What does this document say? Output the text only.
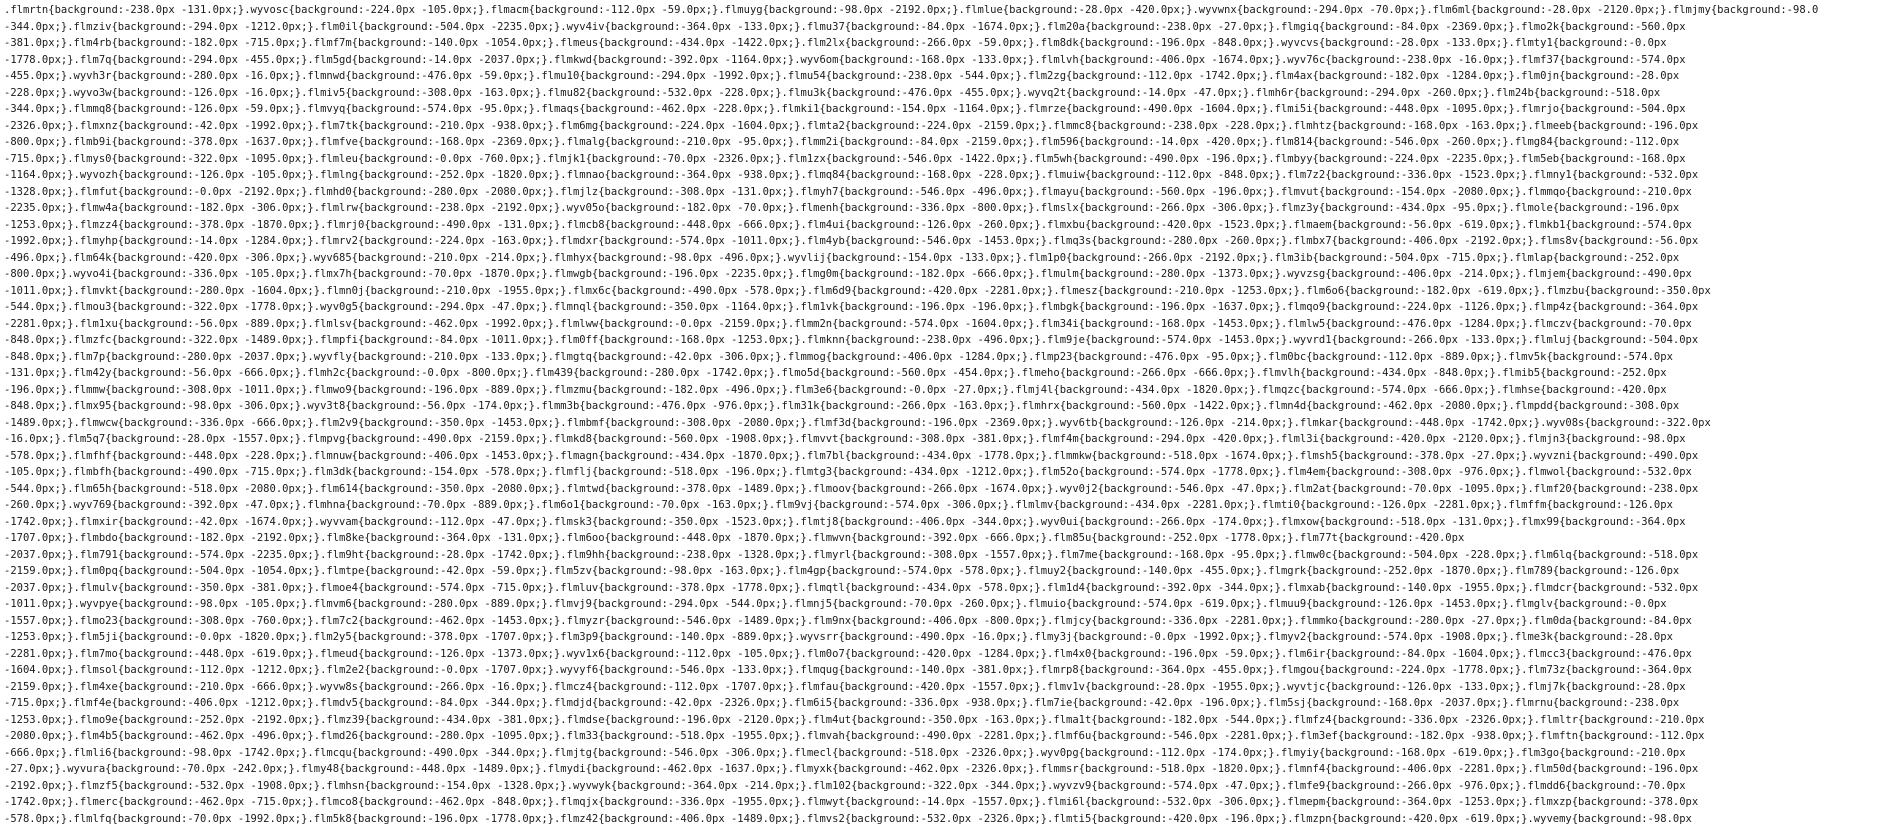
.flmrtn{background:-238.0px -131.0px;}.wyvosc{background:-224.0px -105.0px;}.flmacm{background:-112.0px -59.0px;}.flmuyg{background:-98.0px -2192.0px;}.flmlue{background:-28.0px -420.0px;}.wyvwnx{background:-294.0px -70.0px;}.flm6ml{background:-28.0px -2120.0px;}.flmjmy{background:-98.0
-344.0px;}.flmziv{background:-294.0px -1212.0px;}.flm0il{background:-504.0px -2235.0px;}.wyv4iv{background:-364.0px -133.0px;}.flmu37{background:-84.0px -1674.0px;}.flm20a{background:-238.0px -27.0px;}.flmgiq{background:-84.0px -2369.0px;}.flmo2k{background:-560.0px
-381.0px;}.flm4rb{background:-182.0px -715.0px;}.flmf7m{background:-140.0px -1054.0px;}.flmeus{background:-434.0px -1422.0px;}.flm2lx{background:-266.0px -59.0px;}.flm8dk{background:-196.0px -848.0px;}.wyvcvs{background:-28.0px -133.0px;}.flmty1{background:-0.0px
-1778.0px;}.flm7q{background:-294.0px -455.0px;}.flm5gd{background:-14.0px -2037.0px;}.flmkwd{background:-392.0px -1164.0px;}.wyv6om{background:-168.0px -133.0px;}.flmlvh{background:-406.0px -1674.0px;}.wyv76c{background:-238.0px -16.0px;}.flmf37{background:-574.0px
-455.0px;}.wyvh3r{background:-280.0px -16.0px;}.flmnwd{background:-476.0px -59.0px;}.flmu10{background:-294.0px -1992.0px;}.flmu54{background:-238.0px -544.0px;}.flm2zg{background:-112.0px -1742.0px;}.flm4ax{background:-182.0px -1284.0px;}.flm0jn{background:-28.0px
-228.0px;}.wyvo3w{background:-126.0px -16.0px;}.flmiv5{background:-308.0px -163.0px;}.flmu82{background:-532.0px -228.0px;}.flmu3k{background:-476.0px -455.0px;}.wyvq2t{background:-14.0px -47.0px;}.flmh6r{background:-294.0px -260.0px;}.flm24b{background:-518.0px
-344.0px;}.flmmq8{background:-126.0px -59.0px;}.flmvyq{background:-574.0px -95.0px;}.flmaqs{background:-462.0px -228.0px;}.flmki1{background:-154.0px -1164.0px;}.flmrze{background:-490.0px -1604.0px;}.flmi5i{background:-448.0px -1095.0px;}.flmrjo{background:-504.0px
-2326.0px;}.flmxnz{background:-42.0px -1992.0px;}.flm7tk{background:-210.0px -938.0px;}.flm6mg{background:-224.0px -1604.0px;}.flmta2{background:-224.0px -2159.0px;}.flmmc8{background:-238.0px -228.0px;}.flmhtz{background:-168.0px -163.0px;}.flmeeb{background:-196.0px
-800.0px;}.flmb9i{background:-378.0px -1637.0px;}.flmfve{background:-168.0px -2369.0px;}.flmalg{background:-210.0px -95.0px;}.flmm2i{background:-84.0px -2159.0px;}.flm596{background:-14.0px -420.0px;}.flm814{background:-546.0px -260.0px;}.flmg84{background:-112.0px
-715.0px;}.flmys0{background:-322.0px -1095.0px;}.flmleu{background:-0.0px -760.0px;}.flmjk1{background:-70.0px -2326.0px;}.flm1zx{background:-546.0px -1422.0px;}.flm5wh{background:-490.0px -196.0px;}.flmbyy{background:-224.0px -2235.0px;}.flm5eb{background:-168.0px
-1164.0px;}.wyvozh{background:-126.0px -105.0px;}.flmlng{background:-252.0px -1820.0px;}.flmnao{background:-364.0px -938.0px;}.flmq84{background:-168.0px -228.0px;}.flmuiw{background:-112.0px -848.0px;}.flm7z2{background:-336.0px -1523.0px;}.flmny1{background:-532.0px
-1328.0px;}.flmfut{background:-0.0px -2192.0px;}.flmhd0{background:-280.0px -2080.0px;}.flmjlz{background:-308.0px -131.0px;}.flmyh7{background:-546.0px -496.0px;}.flmayu{background:-560.0px -196.0px;}.flmvut{background:-154.0px -2080.0px;}.flmmqo{background:-210.0px
-2235.0px;}.flmw4a{background:-182.0px -306.0px;}.flmlrw{background:-238.0px -2192.0px;}.wyv05o{background:-182.0px -70.0px;}.flmenh{background:-336.0px -800.0px;}.flmslx{background:-266.0px -306.0px;}.flmz3y{background:-434.0px -95.0px;}.flmole{background:-196.0px
-1253.0px;}.flmzz4{background:-378.0px -1870.0px;}.flmrj0{background:-490.0px -131.0px;}.flmcb8{background:-448.0px -666.0px;}.flm4ui{background:-126.0px -260.0px;}.flmxbu{background:-420.0px -1523.0px;}.flmaem{background:-56.0px -619.0px;}.flmkb1{background:-574.0px
-1992.0px;}.flmyhp{background:-14.0px -1284.0px;}.flmrv2{background:-224.0px -163.0px;}.flmdxr{background:-574.0px -1011.0px;}.flm4yb{background:-546.0px -1453.0px;}.flmq3s{background:-280.0px -260.0px;}.flmbx7{background:-406.0px -2192.0px;}.flms8v{background:-56.0px
-496.0px;}.flm64k{background:-420.0px -306.0px;}.wyv685{background:-210.0px -214.0px;}.flmhyx{background:-98.0px -496.0px;}.wyvlij{background:-154.0px -133.0px;}.flm1p0{background:-266.0px -2192.0px;}.flm3ib{background:-504.0px -715.0px;}.flmlap{background:-252.0px
-800.0px;}.wyvo4i{background:-336.0px -105.0px;}.flmx7h{background:-70.0px -1870.0px;}.flmwgb{background:-196.0px -2235.0px;}.flmg0m{background:-182.0px -666.0px;}.flmulm{background:-280.0px -1373.0px;}.wyvzsg{background:-406.0px -214.0px;}.flmjem{background:-490.0px
-1011.0px;}.flmvkt{background:-280.0px -1604.0px;}.flmn0j{background:-210.0px -1955.0px;}.flmx6c{background:-490.0px -578.0px;}.flm6d9{background:-420.0px -2281.0px;}.flmesz{background:-210.0px -1253.0px;}.flm6o6{background:-182.0px -619.0px;}.flmzbu{background:-350.0px
-544.0px;}.flmou3{background:-322.0px -1778.0px;}.wyv0g5{background:-294.0px -47.0px;}.flmnql{background:-350.0px -1164.0px;}.flm1vk{background:-196.0px -196.0px;}.flmbgk{background:-196.0px -1637.0px;}.flmqo9{background:-224.0px -1126.0px;}.flmp4z{background:-364.0px
-2281.0px;}.flm1xu{background:-56.0px -889.0px;}.flmlsv{background:-462.0px -1992.0px;}.flmlww{background:-0.0px -2159.0px;}.flmm2n{background:-574.0px -1604.0px;}.flm34i{background:-168.0px -1453.0px;}.flmlw5{background:-476.0px -1284.0px;}.flmczv{background:-70.0px
-848.0px;}.flmzfc{background:-322.0px -1489.0px;}.flmpfi{background:-84.0px -1011.0px;}.flm0ff{background:-168.0px -1253.0px;}.flmknn{background:-238.0px -496.0px;}.flm9je{background:-574.0px -1453.0px;}.wyvrd1{background:-266.0px -133.0px;}.flmluj{background:-504.0px
-848.0px;}.flm7p{background:-280.0px -2037.0px;}.wyvfly{background:-210.0px -133.0px;}.flmgtq{background:-42.0px -306.0px;}.flmmog{background:-406.0px -1284.0px;}.flmp23{background:-476.0px -95.0px;}.flm0bc{background:-112.0px -889.0px;}.flmv5k{background:-574.0px
-131.0px;}.flm42y{background:-56.0px -666.0px;}.flmh2c{background:-0.0px -800.0px;}.flm439{background:-280.0px -1742.0px;}.flmo5d{background:-560.0px -454.0px;}.flmeho{background:-266.0px -666.0px;}.flmvlh{background:-434.0px -848.0px;}.flmib5{background:-252.0px
-196.0px;}.flmmw{background:-308.0px -1011.0px;}.flmwo9{background:-196.0px -889.0px;}.flmzmu{background:-182.0px -496.0px;}.flm3e6{background:-0.0px -27.0px;}.flmj4l{background:-434.0px -1820.0px;}.flmqzc{background:-574.0px -666.0px;}.flmhse{background:-420.0px
-848.0px;}.flmx95{background:-98.0px -306.0px;}.wyv3t8{background:-56.0px -174.0px;}.flmm3b{background:-476.0px -976.0px;}.flm31k{background:-266.0px -163.0px;}.flmhrx{background:-560.0px -1422.0px;}.flmn4d{background:-462.0px -2080.0px;}.flmpdd{background:-308.0px
-1489.0px;}.flmwcw{background:-336.0px -666.0px;}.flm2v9{background:-350.0px -1453.0px;}.flmbmf{background:-308.0px -2080.0px;}.flmf3d{background:-196.0px -2369.0px;}.wyv6tb{background:-126.0px -214.0px;}.flmkar{background:-448.0px -1742.0px;}.wyv08s{background:-322.0px
-16.0px;}.flm5q7{background:-28.0px -1557.0px;}.flmpvg{background:-490.0px -2159.0px;}.flmkd8{background:-560.0px -1908.0px;}.flmvvt{background:-308.0px -381.0px;}.flmf4m{background:-294.0px -420.0px;}.flml3i{background:-420.0px -2120.0px;}.flmjn3{background:-98.0px
-578.0px;}.flmfhf{background:-448.0px -228.0px;}.flmnuw{background:-406.0px -1453.0px;}.flmagn{background:-434.0px -1870.0px;}.flm7bl{background:-434.0px -1778.0px;}.flmmkw{background:-518.0px -1674.0px;}.flmsh5{background:-378.0px -27.0px;}.wyvzni{background:-490.0px
-105.0px;}.flmbfh{background:-490.0px -715.0px;}.flm3dk{background:-154.0px -578.0px;}.flmflj{background:-518.0px -196.0px;}.flmtg3{background:-434.0px -1212.0px;}.flm52o{background:-574.0px -1778.0px;}.flm4em{background:-308.0px -976.0px;}.flmwol{background:-532.0px
-544.0px;}.flm65h{background:-518.0px -2080.0px;}.flm614{background:-350.0px -2080.0px;}.flmtwd{background:-378.0px -1489.0px;}.flmoov{background:-266.0px -1674.0px;}.wyv0j2{background:-546.0px -47.0px;}.flm2at{background:-70.0px -1095.0px;}.flmf20{background:-238.0px
-260.0px;}.wyv769{background:-392.0px -47.0px;}.flmhna{background:-70.0px -889.0px;}.flm6o1{background:-70.0px -163.0px;}.flm9vj{background:-574.0px -306.0px;}.flmlmv{background:-434.0px -2281.0px;}.flmti0{background:-126.0px -2281.0px;}.flmffm{background:-126.0px
-1742.0px;}.flmxir{background:-42.0px -1674.0px;}.wyvvam{background:-112.0px -47.0px;}.flmsk3{background:-350.0px -1523.0px;}.flmtj8{background:-406.0px -344.0px;}.wyv0ui{background:-266.0px -174.0px;}.flmxow{background:-518.0px -131.0px;}.flmx99{background:-364.0px
-1707.0px;}.flmbdo{background:-182.0px -2192.0px;}.flm8ke{background:-364.0px -131.0px;}.flm6oo{background:-448.0px -1870.0px;}.flmwvn{background:-392.0px -666.0px;}.flm85u{background:-252.0px -1778.0px;}.flm77t{background:-420.0px
-2037.0px;}.flm791{background:-574.0px -2235.0px;}.flm9ht{background:-28.0px -1742.0px;}.flm9hh{background:-238.0px -1328.0px;}.flmyrl{background:-308.0px -1557.0px;}.flm7me{background:-168.0px -95.0px;}.flmw0c{background:-504.0px -228.0px;}.flm6lq{background:-518.0px
-2159.0px;}.flm0pq{background:-504.0px -1054.0px;}.flmtpe{background:-42.0px -59.0px;}.flm5zv{background:-98.0px -163.0px;}.flm4gp{background:-574.0px -578.0px;}.flmuy2{background:-140.0px -455.0px;}.flmgrk{background:-252.0px -1870.0px;}.flm789{background:-126.0px
-2037.0px;}.flmulv{background:-350.0px -381.0px;}.flmoe4{background:-574.0px -715.0px;}.flmluv{background:-378.0px -1778.0px;}.flmqtl{background:-434.0px -578.0px;}.flm1d4{background:-392.0px -344.0px;}.flmxab{background:-140.0px -1955.0px;}.flmdcr{background:-532.0px
-1011.0px;}.wyvpye{background:-98.0px -105.0px;}.flmvm6{background:-280.0px -889.0px;}.flmvj9{background:-294.0px -544.0px;}.flmnj5{background:-70.0px -260.0px;}.flmuio{background:-574.0px -619.0px;}.flmuu9{background:-126.0px -1453.0px;}.flmglv{background:-0.0px
-1557.0px;}.flmo23{background:-308.0px -760.0px;}.flm7c2{background:-462.0px -1453.0px;}.flmyzr{background:-546.0px -1489.0px;}.flm9nx{background:-406.0px -800.0px;}.flmjcy{background:-336.0px -2281.0px;}.flmmko{background:-280.0px -27.0px;}.flm0da{background:-84.0px
-1253.0px;}.flm5ji{background:-0.0px -1820.0px;}.flm2y5{background:-378.0px -1707.0px;}.flm3p9{background:-140.0px -889.0px;}.wyvsrr{background:-490.0px -16.0px;}.flmy3j{background:-0.0px -1992.0px;}.flmyv2{background:-574.0px -1908.0px;}.flme3k{background:-28.0px
-2281.0px;}.flm7mo{background:-448.0px -619.0px;}.flmeud{background:-126.0px -1373.0px;}.wyv1x6{background:-112.0px -105.0px;}.flm0o7{background:-420.0px -1284.0px;}.flm4x0{background:-196.0px -59.0px;}.flm6ir{background:-84.0px -1604.0px;}.flmcc3{background:-476.0px
-1604.0px;}.flmsol{background:-112.0px -1212.0px;}.flm2e2{background:-0.0px -1707.0px;}.wyvyf6{background:-546.0px -133.0px;}.flmqug{background:-140.0px -381.0px;}.flmrp8{background:-364.0px -455.0px;}.flmgou{background:-224.0px -1778.0px;}.flm73z{background:-364.0px
-2159.0px;}.flm4xe{background:-210.0px -666.0px;}.wyvw8s{background:-266.0px -16.0px;}.flmcz4{background:-112.0px -1707.0px;}.flmfau{background:-420.0px -1557.0px;}.flmv1v{background:-28.0px -1955.0px;}.wyvtjc{background:-126.0px -133.0px;}.flmj7k{background:-28.0px
-715.0px;}.flmf4e{background:-406.0px -1212.0px;}.flmdv5{background:-84.0px -344.0px;}.flmdjd{background:-42.0px -2326.0px;}.flm6i5{background:-336.0px -938.0px;}.flm7ie{background:-42.0px -196.0px;}.flm5sj{background:-168.0px -2037.0px;}.flmrnu{background:-238.0px
-1253.0px;}.flmo9e{background:-252.0px -2192.0px;}.flmz39{background:-434.0px -381.0px;}.flmdse{background:-196.0px -2120.0px;}.flm4ut{background:-350.0px -163.0px;}.flma1t{background:-182.0px -544.0px;}.flmfz4{background:-336.0px -2326.0px;}.flmltr{background:-210.0px
-2080.0px;}.flm4b5{background:-462.0px -496.0px;}.flmd26{background:-280.0px -1095.0px;}.flm33{background:-518.0px -1955.0px;}.flmvah{background:-490.0px -2281.0px;}.flmf6u{background:-546.0px -2281.0px;}.flm3ef{background:-182.0px -938.0px;}.flmftn{background:-112.0px
-666.0px;}.flmli6{background:-98.0px -1742.0px;}.flmcqu{background:-490.0px -344.0px;}.flmjtg{background:-546.0px -306.0px;}.flmecl{background:-518.0px -2326.0px;}.wyv0pg{background:-112.0px -174.0px;}.flmyiy{background:-168.0px -619.0px;}.flm3go{background:-210.0px
-27.0px;}.wyvura{background:-70.0px -242.0px;}.flmy48{background:-448.0px -1489.0px;}.flmydi{background:-462.0px -1637.0px;}.flmyxk{background:-462.0px -2326.0px;}.flmmsr{background:-518.0px -1820.0px;}.flmnf4{background:-406.0px -2281.0px;}.flm50d{background:-196.0px
-2192.0px;}.flmzf5{background:-532.0px -1908.0px;}.flmhsn{background:-154.0px -1328.0px;}.wyvwyk{background:-364.0px -214.0px;}.flm102{background:-322.0px -344.0px;}.wyvzv9{background:-574.0px -47.0px;}.flmfe9{background:-266.0px -976.0px;}.flmdd6{background:-70.0px
-1742.0px;}.flmerc{background:-462.0px -715.0px;}.flmco8{background:-462.0px -848.0px;}.flmqjx{background:-336.0px -1955.0px;}.flmwyt{background:-14.0px -1557.0px;}.flmi6l{background:-532.0px -306.0px;}.flmepm{background:-364.0px -1253.0px;}.flmxzp{background:-378.0px
-578.0px;}.flmlfq{background:-70.0px -1992.0px;}.flm5k8{background:-196.0px -1778.0px;}.flmz42{background:-406.0px -1489.0px;}.flmvs2{background:-532.0px -2326.0px;}.flmti5{background:-420.0px -196.0px;}.flmzpn{background:-420.0px -619.0px;}.wyvemy{background:-98.0px
